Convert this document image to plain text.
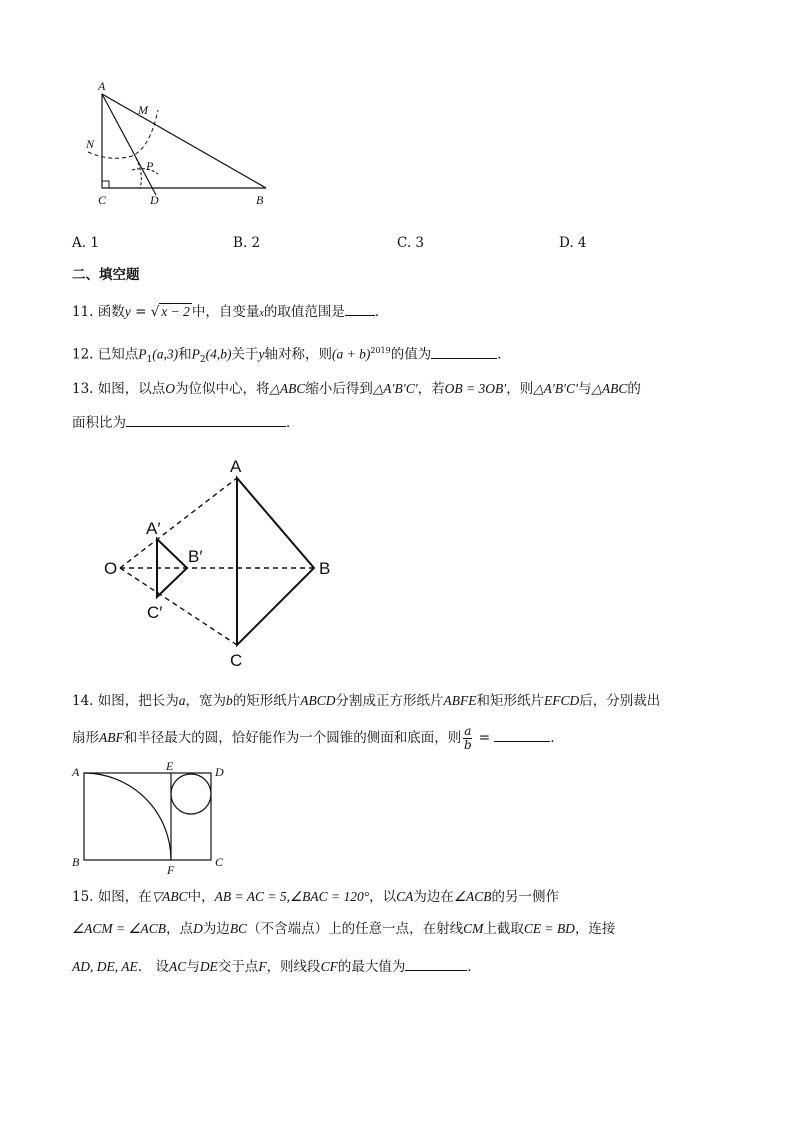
A
M
N
P
C	D	B
A. 1	B. 2	C. 3	D. 4
二、填空题
11. 函数y = √ x − 2 中，自变量x的取值范围是 ．
12. 已知点$P_1(a,3)$和$P_2(4,b)$关于y轴对称，则$(a + b)^{2019}$的值为	．
13. 如图，以点O为位似中心，将△ABC缩小后得到△A′B′C′，若OB = 3OB′，则△A′B′C′与△ABC的
面积比为	．
A
A′
B′
O	B
C′
C
14. 如图，把长为a，宽为b的矩形纸片ABCD分割成正方形纸片ABFE和矩形纸片EFCD后，分别裁出
扇形ABF和半径最大的圆，恰好能作为一个圆锥的侧面和底面，则 $\frac{a}{b}$ =	．
A	E	D
B
F
C
15. 如图，在▽ABC中，AB = AC = 5,∠BAC = 120°，以CA为边在∠ACB的另一侧作
∠ACM = ∠ACB，点D为边BC（不含端点）上的任意一点，在射线CM上截取CE = BD，连接
AD, DE, AE． 设AC与DE交于点F，则线段CF的最大值为	．
